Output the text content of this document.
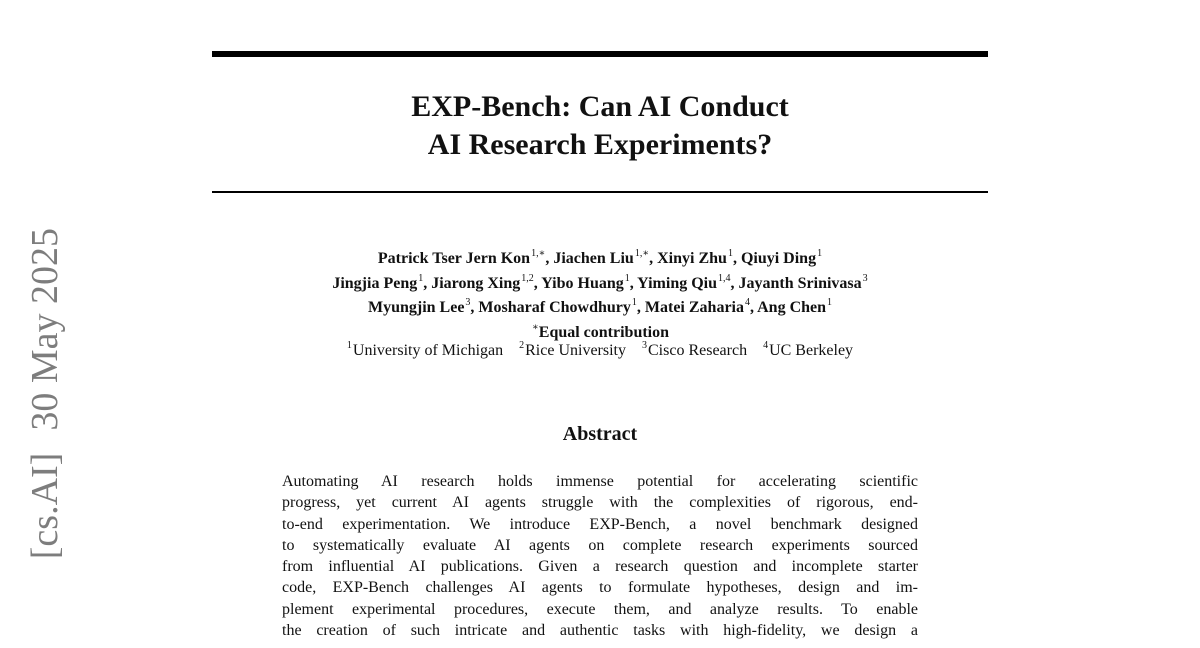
EXP-Bench: Can AI Conduct
AI Research Experiments?
Patrick Tser Jern Kon$^{1,∗}$, Jiachen Liu$^{1,∗}$, Xinyi Zhu$^1$, Qiuyi Ding$^1$
Jingjia Peng$^1$, Jiarong Xing$^{1,2}$, Yibo Huang$^1$, Yiming Qiu$^{1,4}$, Jayanth Srinivasa$^3$
Myungjin Lee$^3$, Mosharaf Chowdhury$^1$, Matei Zaharia$^4$, Ang Chen$^1$
∗Equal contribution
$^1$University of Michigan $^2$Rice University $^3$Cisco Research $^4$UC Berkeley
Abstract
Automating AI research holds immense potential for accelerating scientific
progress, yet current AI agents struggle with the complexities of rigorous, end-
to-end experimentation. We introduce EXP-Bench, a novel benchmark designed
to systematically evaluate AI agents on complete research experiments sourced
from influential AI publications. Given a research question and incomplete starter
code, EXP-Bench challenges AI agents to formulate hypotheses, design and im-
plement experimental procedures, execute them, and analyze results. To enable
the creation of such intricate and authentic tasks with high-fidelity, we design a
[cs.AI]30 May 2025
